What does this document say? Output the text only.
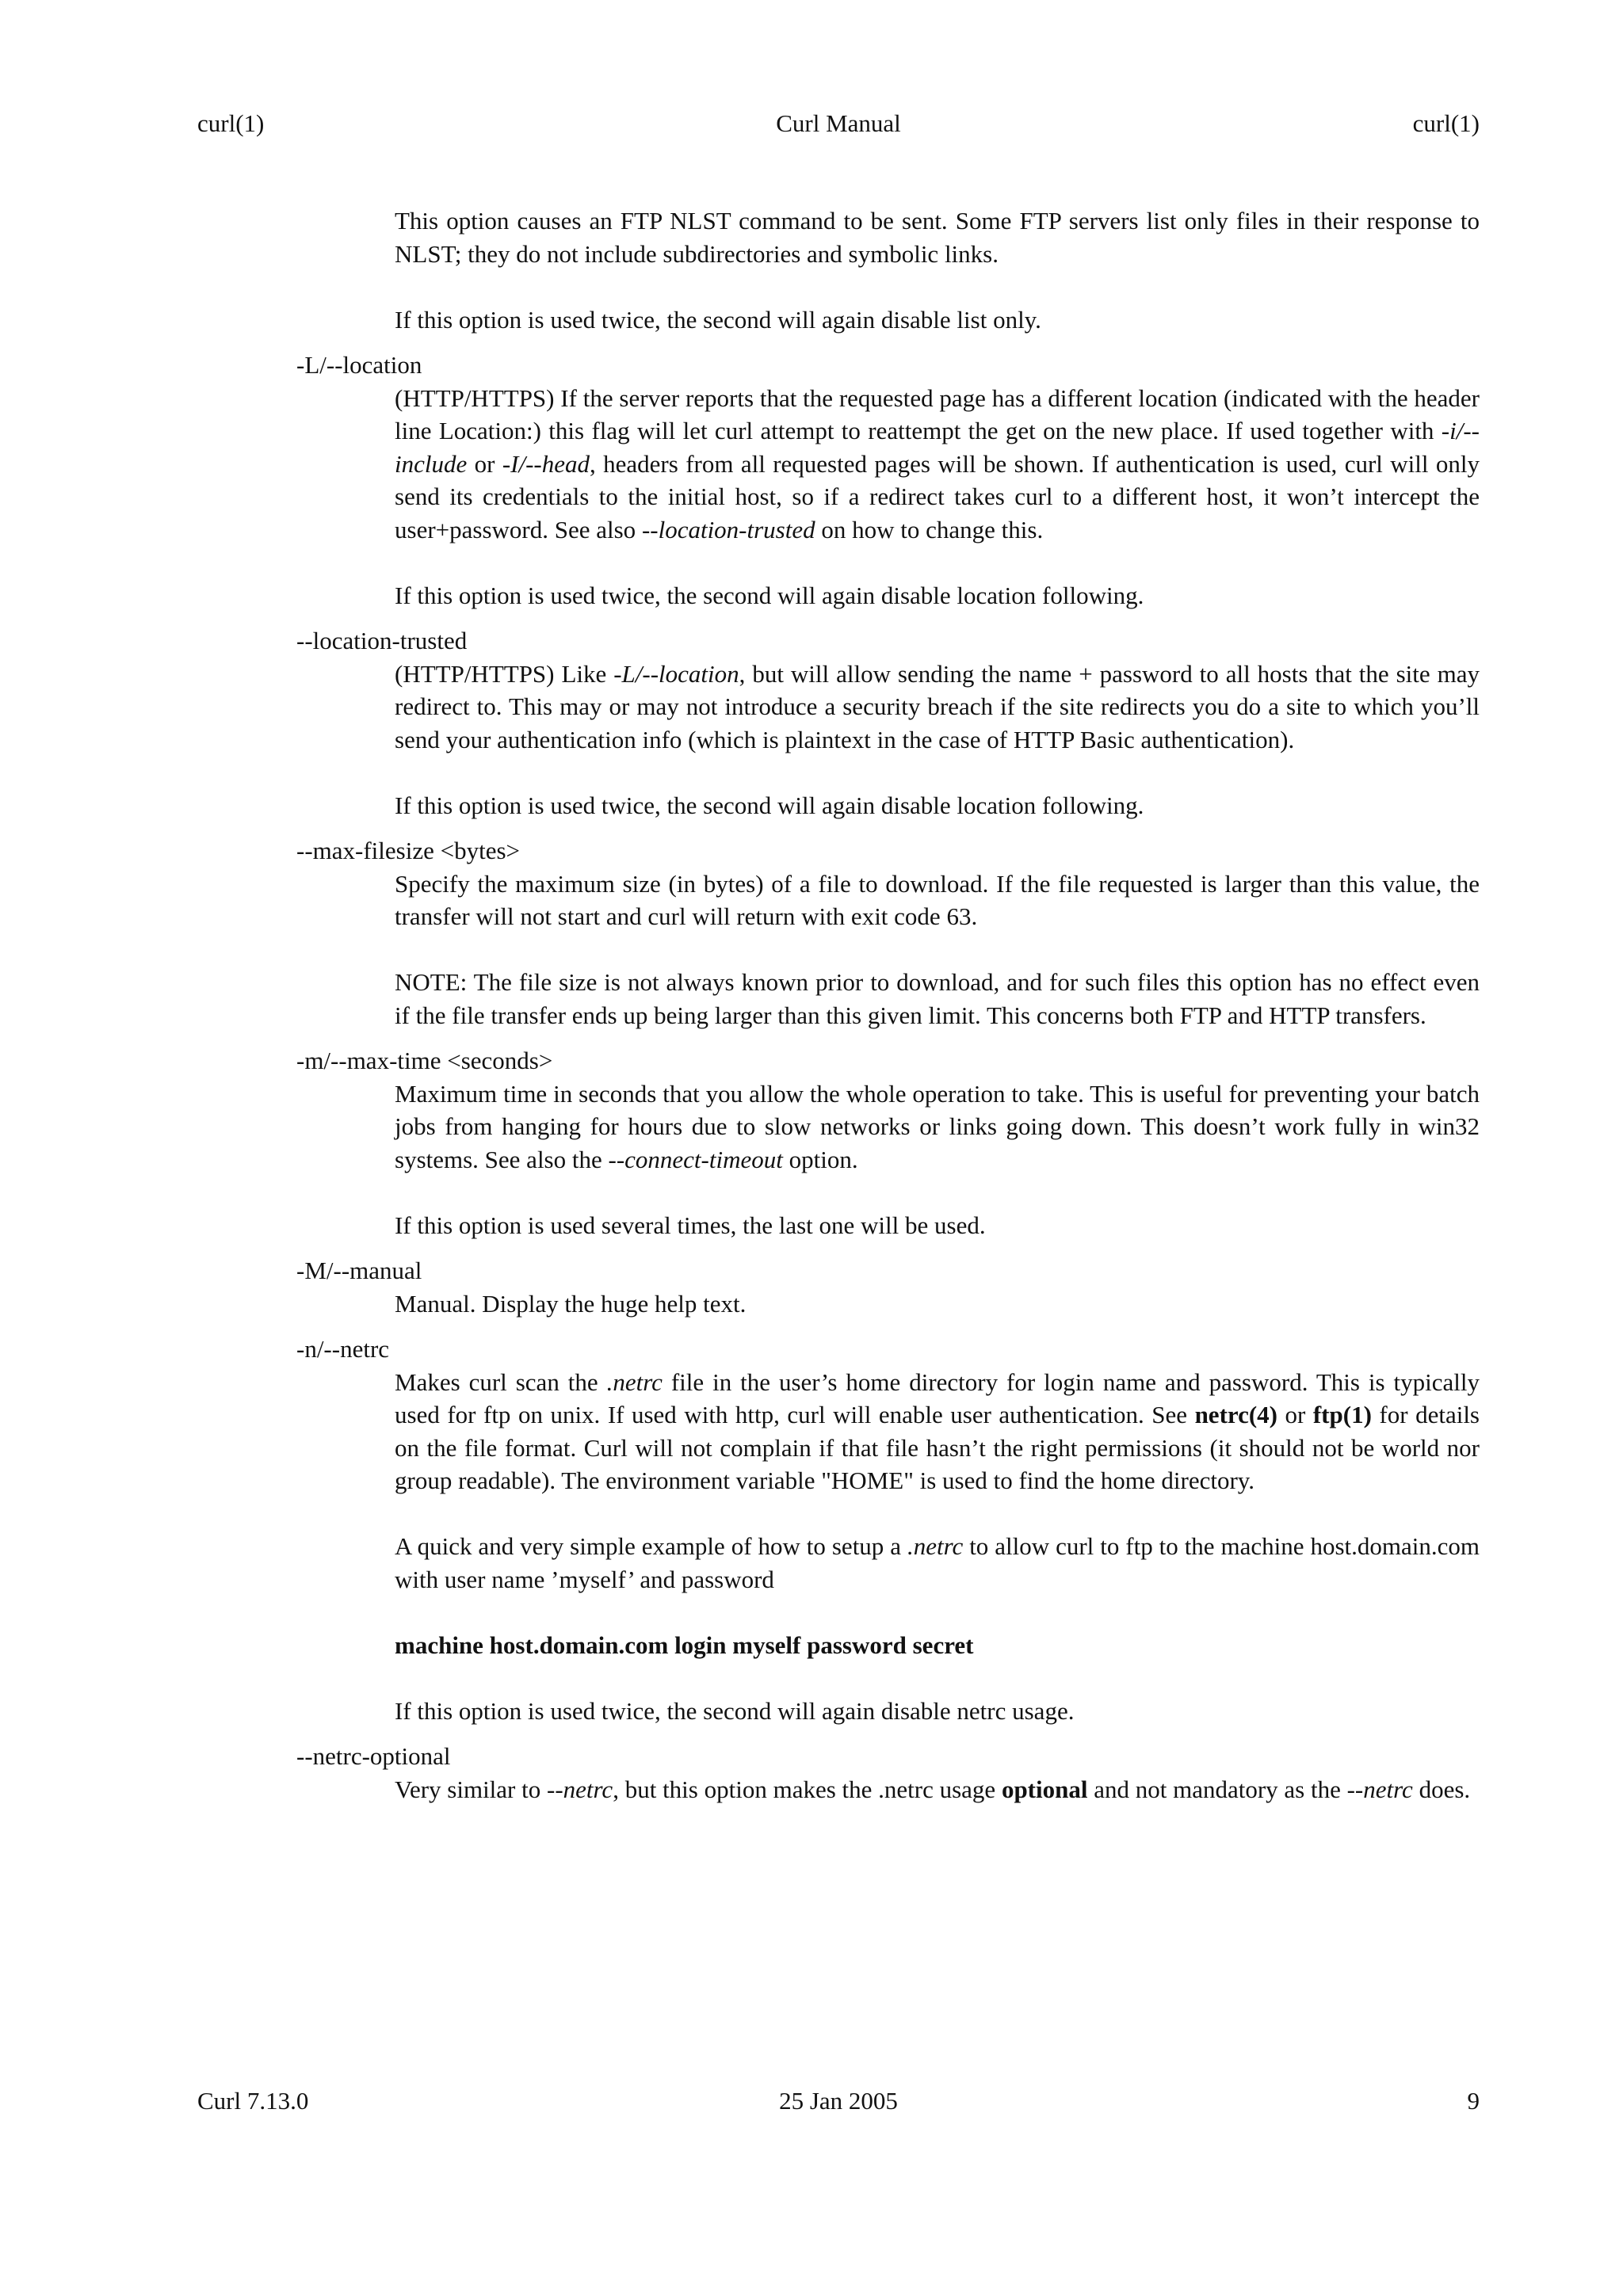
curl(1)	Curl Manual	curl(1)

This option causes an FTP NLST command to be sent. Some FTP servers list only files in their response to NLST; they do not include subdirectories and symbolic links.

If this option is used twice, the second will again disable list only.

-L/--location

(HTTP/HTTPS) If the server reports that the requested page has a different location (indicated with the header line Location:) this flag will let curl attempt to reattempt the get on the new place. If used together with -i/--include or -I/--head, headers from all requested pages will be shown. If authentication is used, curl will only send its credentials to the initial host, so if a redirect takes curl to a different host, it won’t intercept the user+password. See also --location-trusted on how to change this.

If this option is used twice, the second will again disable location following.

--location-trusted

(HTTP/HTTPS) Like -L/--location, but will allow sending the name + password to all hosts that the site may redirect to. This may or may not introduce a security breach if the site redirects you do a site to which you’ll send your authentication info (which is plaintext in the case of HTTP Basic authentication).

If this option is used twice, the second will again disable location following.

--max-filesize <bytes>

Specify the maximum size (in bytes) of a file to download. If the file requested is larger than this value, the transfer will not start and curl will return with exit code 63.

NOTE: The file size is not always known prior to download, and for such files this option has no effect even if the file transfer ends up being larger than this given limit. This concerns both FTP and HTTP transfers.

-m/--max-time <seconds>

Maximum time in seconds that you allow the whole operation to take. This is useful for preventing your batch jobs from hanging for hours due to slow networks or links going down. This doesn’t work fully in win32 systems. See also the --connect-timeout option.

If this option is used several times, the last one will be used.

-M/--manual

Manual. Display the huge help text.

-n/--netrc

Makes curl scan the .netrc file in the user’s home directory for login name and password. This is typically used for ftp on unix. If used with http, curl will enable user authentication. See netrc(4) or ftp(1) for details on the file format. Curl will not complain if that file hasn’t the right permissions (it should not be world nor group readable). The environment variable "HOME" is used to find the home directory.

A quick and very simple example of how to setup a .netrc to allow curl to ftp to the machine host.domain.com with user name ’myself’ and password

machine host.domain.com login myself password secret

If this option is used twice, the second will again disable netrc usage.

--netrc-optional

Very similar to --netrc, but this option makes the .netrc usage optional and not mandatory as the --netrc does.

Curl 7.13.0	25 Jan 2005	9
